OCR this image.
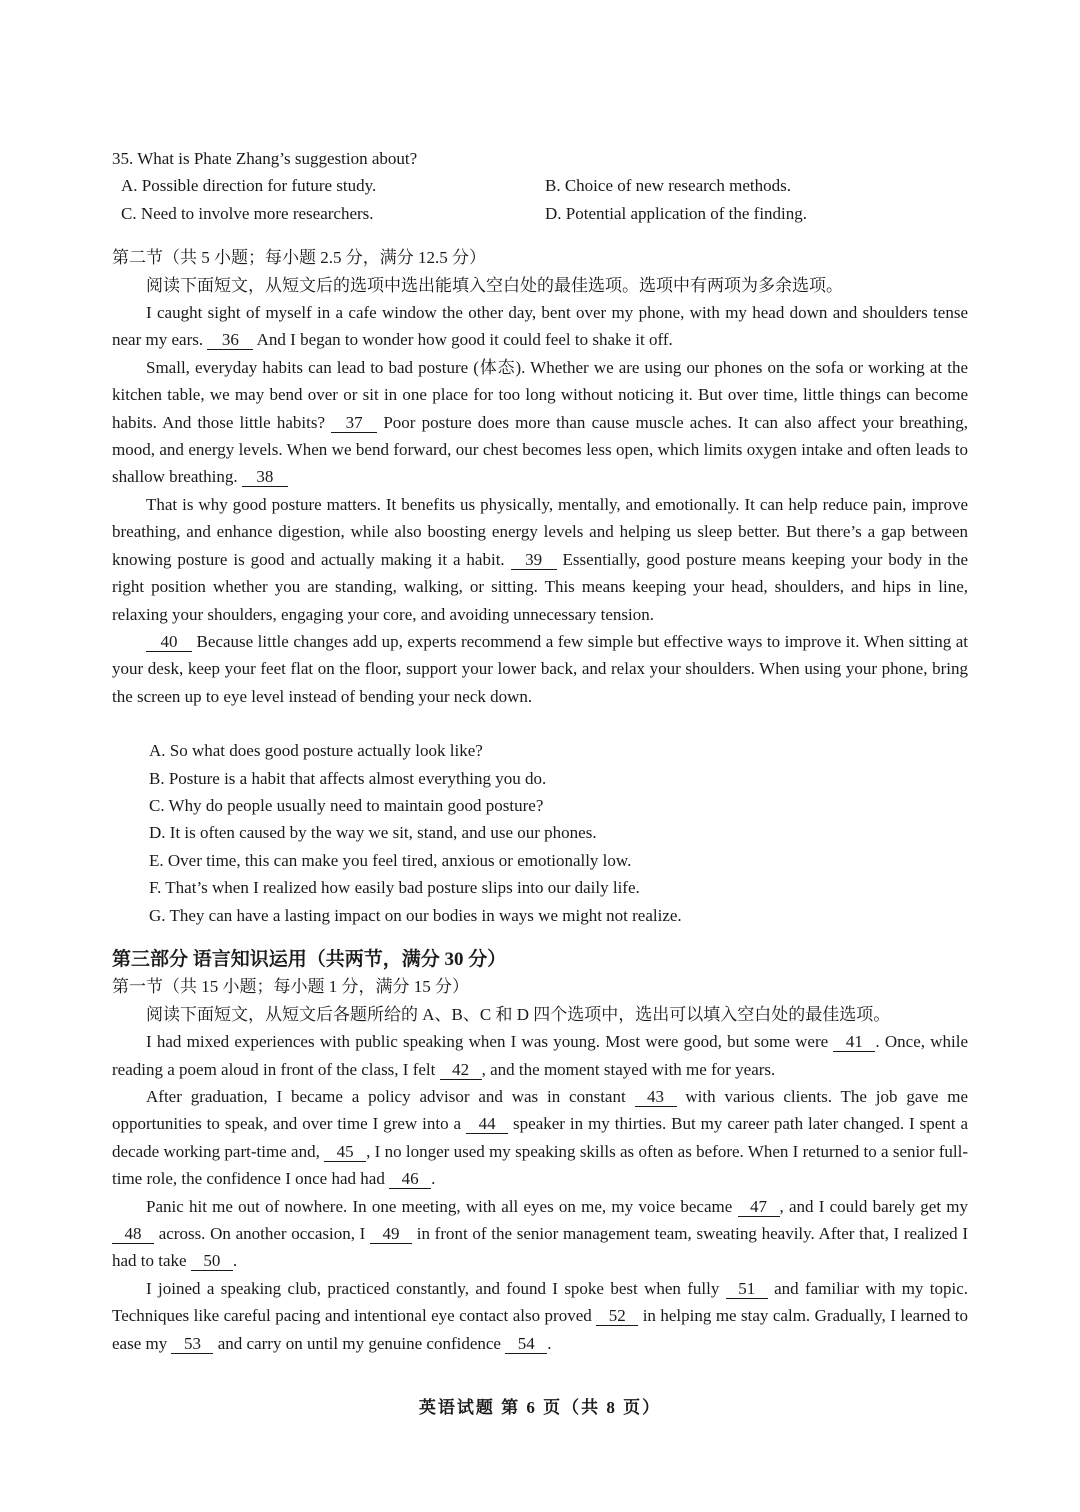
35. What is Phate Zhang’s suggestion about?

A. Possible direction for future study.	B. Choice of new research methods.

C. Need to involve more researchers.	D. Potential application of the finding.

第二节（共 5 小题；每小题 2.5 分，满分 12.5 分）

阅读下面短文，从短文后的选项中选出能填入空白处的最佳选项。选项中有两项为多余选项。

I caught sight of myself in a cafe window the other day, bent over my phone, with my head down and shoulders tense near my ears. 36 And I began to wonder how good it could feel to shake it off.

Small, everyday habits can lead to bad posture (体态). Whether we are using our phones on the sofa or working at the kitchen table, we may bend over or sit in one place for too long without noticing it. But over time, little things can become habits. And those little habits? 37 Poor posture does more than cause muscle aches. It can also affect your breathing, mood, and energy levels. When we bend forward, our chest becomes less open, which limits oxygen intake and often leads to shallow breathing. 38

That is why good posture matters. It benefits us physically, mentally, and emotionally. It can help reduce pain, improve breathing, and enhance digestion, while also boosting energy levels and helping us sleep better. But there’s a gap between knowing posture is good and actually making it a habit. 39 Essentially, good posture means keeping your body in the right position whether you are standing, walking, or sitting. This means keeping your head, shoulders, and hips in line, relaxing your shoulders, engaging your core, and avoiding unnecessary tension.

40 Because little changes add up, experts recommend a few simple but effective ways to improve it. When sitting at your desk, keep your feet flat on the floor, support your lower back, and relax your shoulders. When using your phone, bring the screen up to eye level instead of bending your neck down.

A. So what does good posture actually look like?

B. Posture is a habit that affects almost everything you do.

C. Why do people usually need to maintain good posture?

D. It is often caused by the way we sit, stand, and use our phones.

E. Over time, this can make you feel tired, anxious or emotionally low.

F. That’s when I realized how easily bad posture slips into our daily life.

G. They can have a lasting impact on our bodies in ways we might not realize.

第三部分 语言知识运用（共两节，满分 30 分）

第一节（共 15 小题；每小题 1 分，满分 15 分）

阅读下面短文，从短文后各题所给的 A、B、C 和 D 四个选项中，选出可以填入空白处的最佳选项。

I had mixed experiences with public speaking when I was young. Most were good, but some were 41 . Once, while reading a poem aloud in front of the class, I felt 42 , and the moment stayed with me for years.

After graduation, I became a policy advisor and was in constant 43 with various clients. The job gave me opportunities to speak, and over time I grew into a 44 speaker in my thirties. But my career path later changed. I spent a decade working part-time and, 45 , I no longer used my speaking skills as often as before. When I returned to a senior full-time role, the confidence I once had had 46 .

Panic hit me out of nowhere. In one meeting, with all eyes on me, my voice became 47 , and I could barely get my 48 across. On another occasion, I 49 in front of the senior management team, sweating heavily. After that, I realized I had to take 50 .

I joined a speaking club, practiced constantly, and found I spoke best when fully 51 and familiar with my topic. Techniques like careful pacing and intentional eye contact also proved 52 in helping me stay calm. Gradually, I learned to ease my 53 and carry on until my genuine confidence 54 .

英语试题 第 6 页（共 8 页）
